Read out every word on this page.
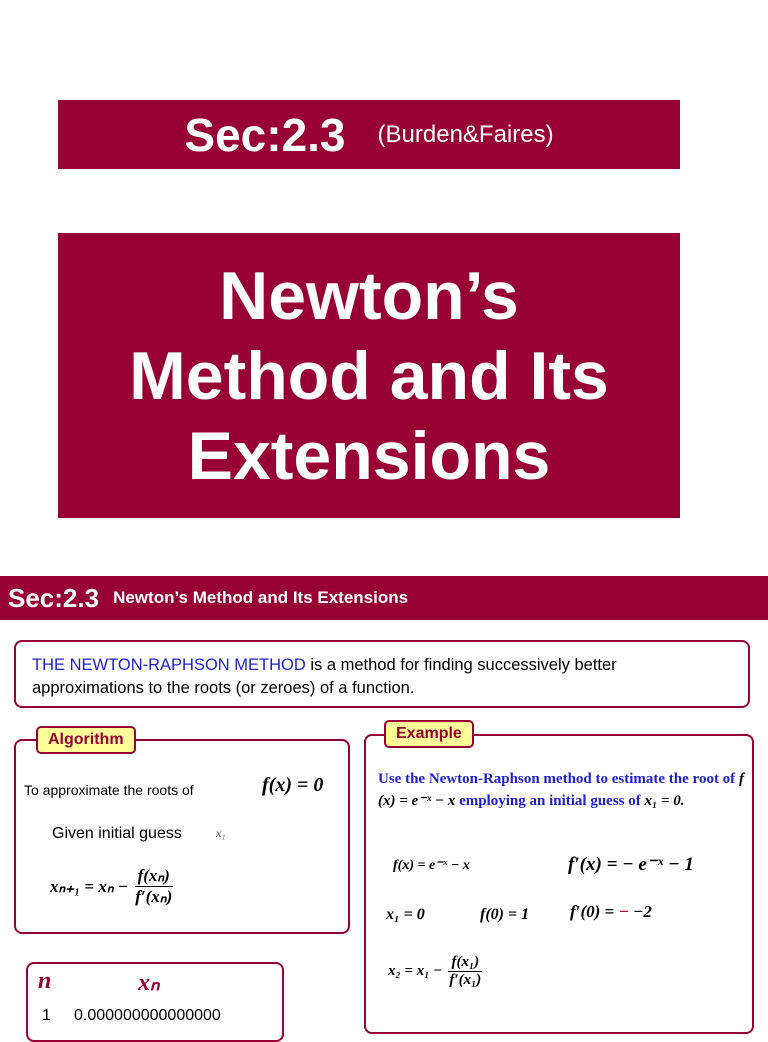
Sec:2.3 (Burden&Faires)
Newton’s
Method and Its
Extensions
Sec:2.3 Newton’s Method and Its Extensions
THE NEWTON-RAPHSON METHOD is a method for finding successively better approximations to the roots (or zeroes) of a function.
Algorithm
To approximate the roots of	f(x) = 0
Given initial guess	x₁
$x_{n+1} = x_n - \frac{\text{f(xₙ)}}{\text{f′(xₙ)}}$
Example
Use the Newton-Raphson method to estimate the root of f (x) = e⁻ˣ − x employing an initial guess of x₁ = 0.
f(x) = e⁻ˣ − x	f′(x) = − e⁻ˣ − 1
x₁ = 0	f(0) = 1 f′(0) = − −2
$x_2 = x_1 - \frac{\text{f(x₁)}}{\text{f′(x₁)}}$
n	xₙ
1 0.000000000000000
